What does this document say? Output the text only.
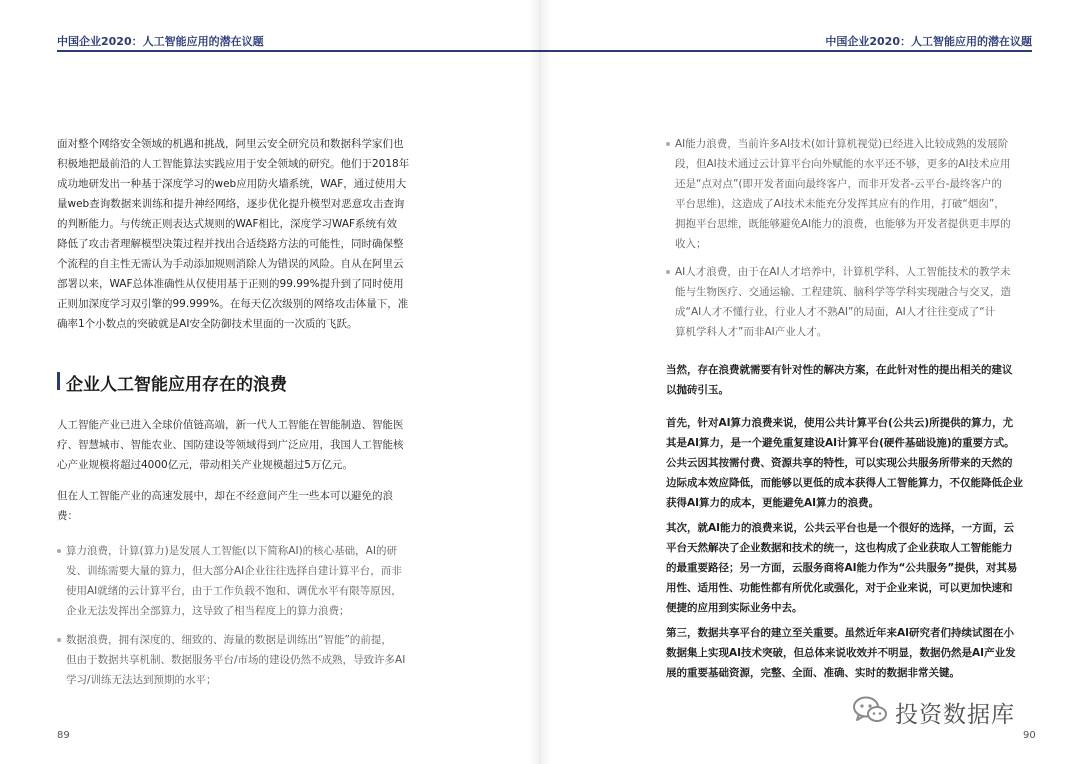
中国企业2020：人工智能应用的潜在议题
面对整个网络安全领域的机遇和挑战，阿里云安全研究员和数据科学家们也
积极地把最前沿的人工智能算法实践应用于安全领域的研究。他们于2018年
成功地研发出一种基于深度学习的web应用防火墙系统，WAF，通过使用大
量web查询数据来训练和提升神经网络，逐步优化提升模型对恶意攻击查询
的判断能力。与传统正则表达式规则的WAF相比，深度学习WAF系统有效
降低了攻击者理解模型决策过程并找出合适绕路方法的可能性，同时确保整
个流程的自主性无需认为手动添加规则消除人为错误的风险。自从在阿里云
部署以来，WAF总体准确性从仅使用基于正则的99.99%提升到了同时使用
正则加深度学习双引擎的99.999%。在每天亿次级别的网络攻击体量下，准
确率1个小数点的突破就是AI安全防御技术里面的一次质的飞跃。
企业人工智能应用存在的浪费
人工智能产业已进入全球价值链高端，新一代人工智能在智能制造、智能医
疗、智慧城市、智能农业、国防建设等领域得到广泛应用，我国人工智能核
心产业规模将超过4000亿元，带动相关产业规模超过5万亿元。
但在人工智能产业的高速发展中，却在不经意间产生一些本可以避免的浪
费：
算力浪费，计算(算力)是发展人工智能(以下简称AI)的核心基础，AI的研
发、训练需要大量的算力，但大部分AI企业往往选择自建计算平台，而非
使用AI就绪的云计算平台，由于工作负载不饱和、调优水平有限等原因，
企业无法发挥出全部算力，这导致了相当程度上的算力浪费；
数据浪费，拥有深度的、细致的、海量的数据是训练出“智能”的前提，
但由于数据共享机制、数据服务平台/市场的建设仍然不成熟，导致许多AI
学习/训练无法达到预期的水平；
89
中国企业2020：人工智能应用的潜在议题
AI能力浪费，当前许多AI技术(如计算机视觉)已经进入比较成熟的发展阶
段，但AI技术通过云计算平台向外赋能的水平还不够，更多的AI技术应用
还是“点对点”(即开发者面向最终客户，而非开发者-云平台-最终客户的
平台思维)，这造成了AI技术未能充分发挥其应有的作用，打破“烟囱”，
拥抱平台思维，既能够避免AI能力的浪费，也能够为开发者提供更丰厚的
收入；
AI人才浪费，由于在AI人才培养中，计算机学科、人工智能技术的教学未
能与生物医疗、交通运输、工程建筑、脑科学等学科实现融合与交叉，造
成“AI人才不懂行业，行业人才不熟AI”的局面，AI人才往往变成了“计
算机学科人才”而非AI产业人才。
当然，存在浪费就需要有针对性的解决方案，在此针对性的提出相关的建议
以抛砖引玉。
首先，针对AI算力浪费来说，使用公共计算平台(公共云)所提供的算力，尤
其是AI算力，是一个避免重复建设AI计算平台(硬件基础设施)的重要方式。
公共云因其按需付费、资源共享的特性，可以实现公共服务所带来的天然的
边际成本效应降低，而能够以更低的成本获得人工智能算力，不仅能降低企业
获得AI算力的成本，更能避免AI算力的浪费。
其次，就AI能力的浪费来说，公共云平台也是一个很好的选择，一方面，云
平台天然解决了企业数据和技术的统一，这也构成了企业获取人工智能能力
的最重要路径；另一方面，云服务商将AI能力作为“公共服务”提供，对其易
用性、适用性、功能性都有所优化或强化，对于企业来说，可以更加快速和
便捷的应用到实际业务中去。
第三，数据共享平台的建立至关重要。虽然近年来AI研究者们持续试图在小
数据集上实现AI技术突破，但总体来说收效并不明显，数据仍然是AI产业发
展的重要基础资源，完整、全面、准确、实时的数据非常关键。
投资数据库
90
